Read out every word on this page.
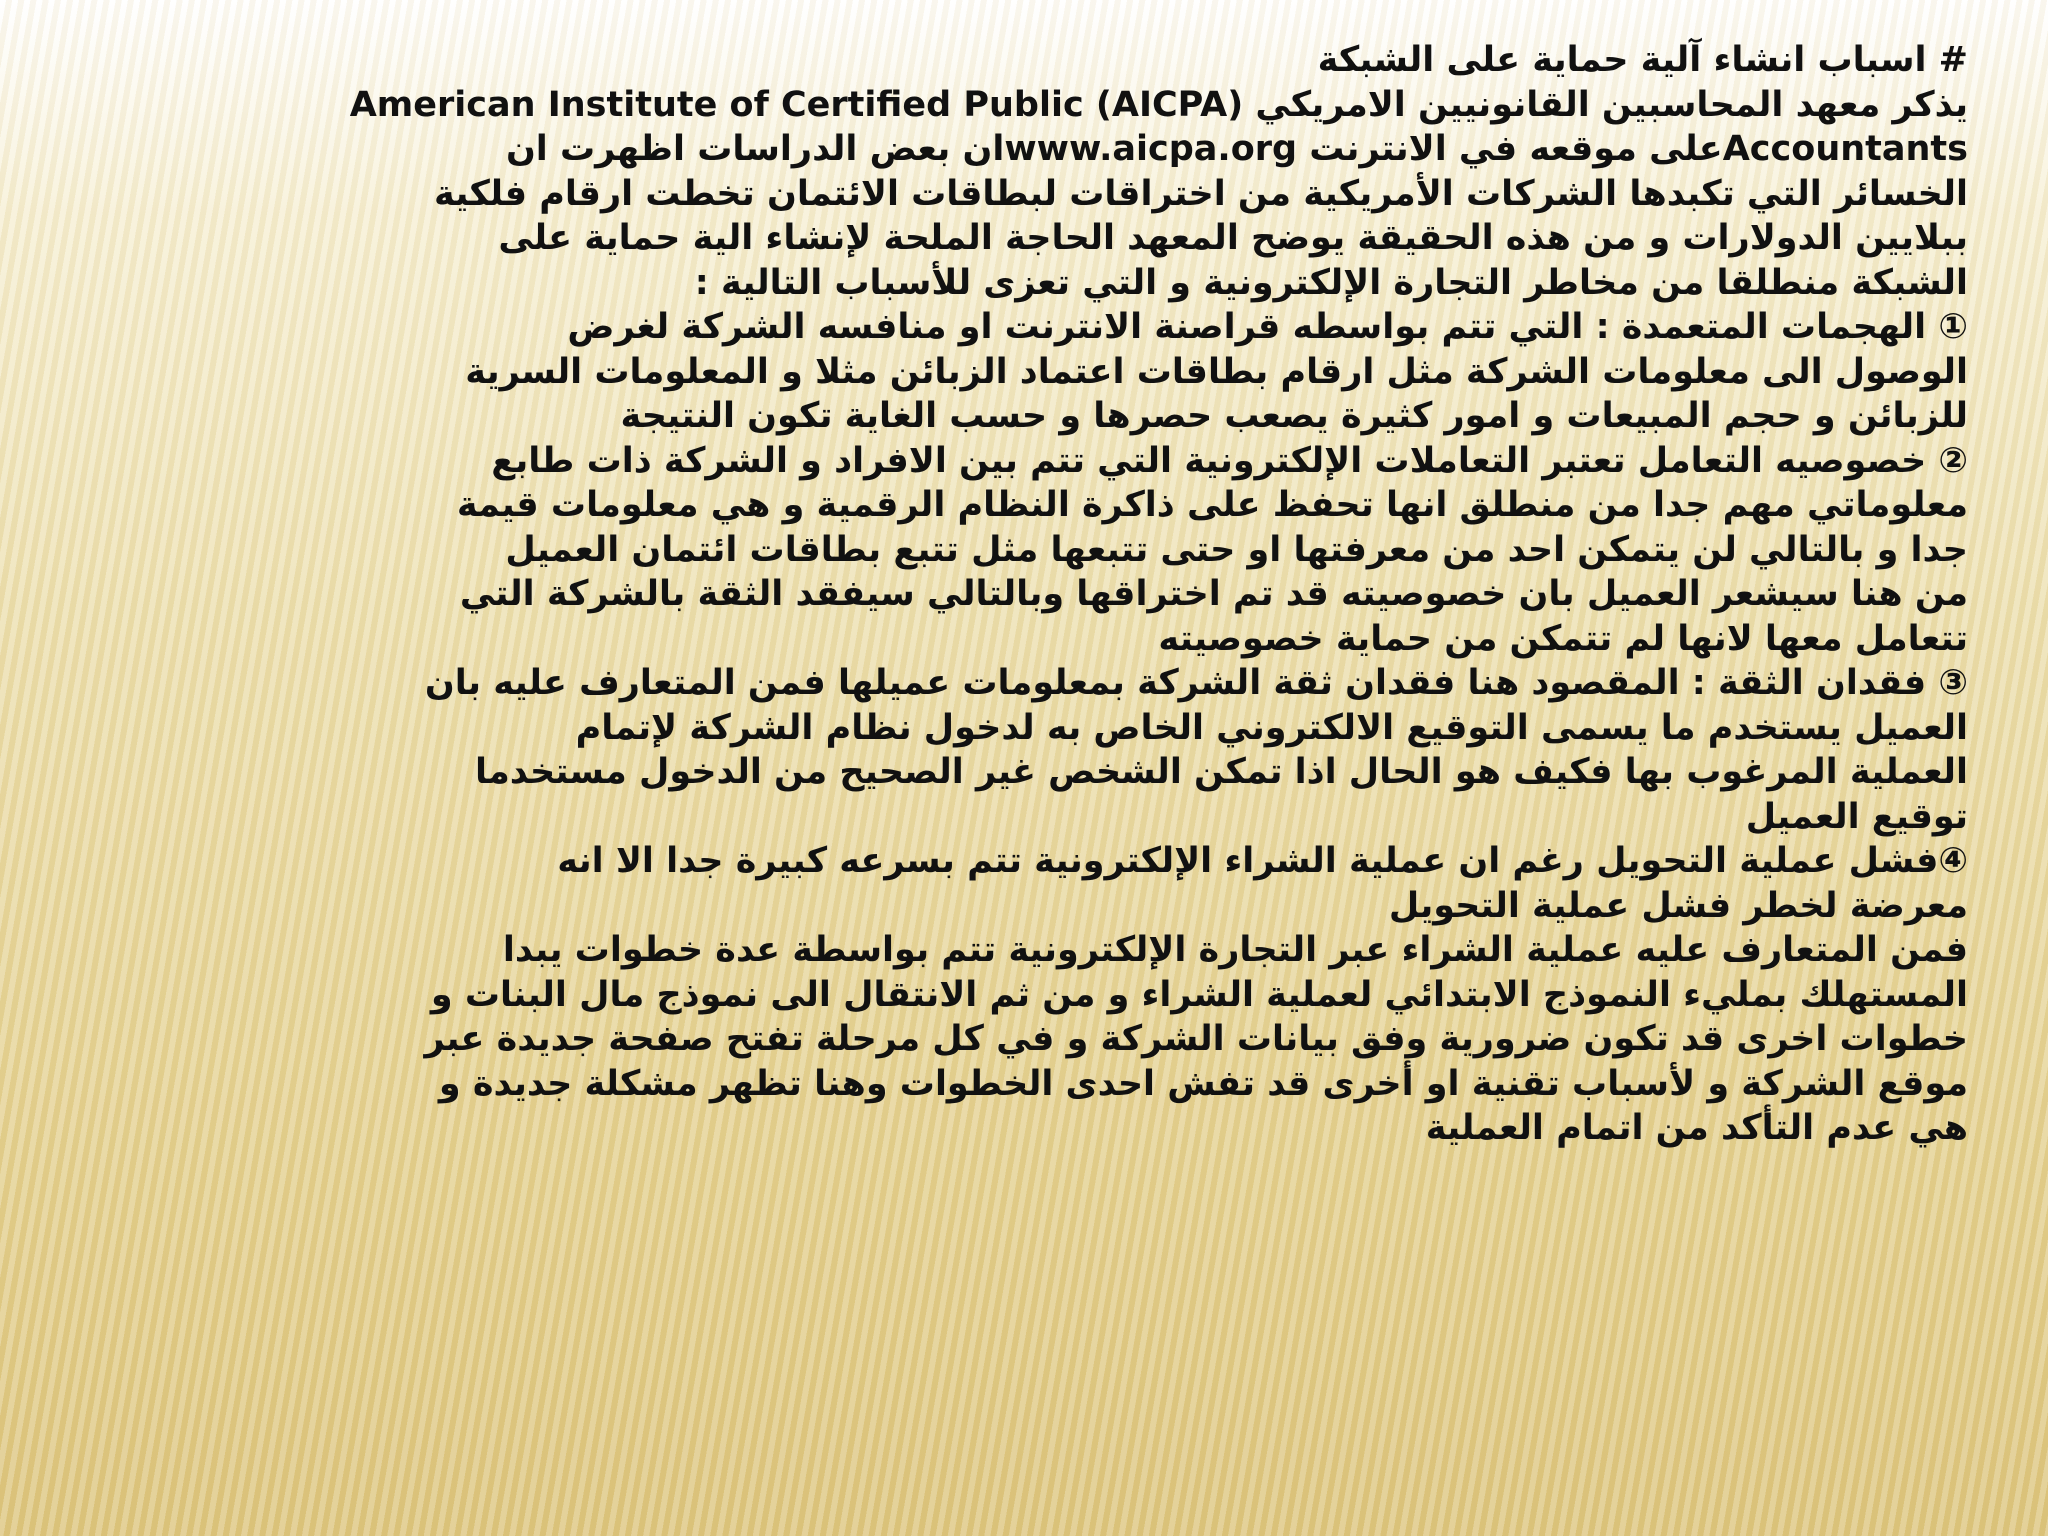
# اسباب انشاء آلية حماية على الشبكة
يذكر معهد المحاسبين القانونيين الامريكي (American Institute of Certified Public (AICPA
Accountantsعلى موقعه في الانترنت www.aicpa.orgان بعض الدراسات اظهرت ان
الخسائر التي تكبدها الشركات الأمريكية من اختراقات لبطاقات الائتمان تخطت ارقام فلكية
ببلايين الدولارات و من هذه الحقيقة يوضح المعهد الحاجة الملحة لإنشاء الية حماية على
الشبكة منطلقا من مخاطر التجارة الإلكترونية و التي تعزى للأسباب التالية :
① الهجمات المتعمدة : التي تتم بواسطه قراصنة الانترنت او منافسه الشركة لغرض
الوصول الى معلومات الشركة مثل ارقام بطاقات اعتماد الزبائن مثلا و المعلومات السرية
للزبائن و حجم المبيعات و امور كثيرة يصعب حصرها و حسب الغاية تكون النتيجة
② خصوصيه التعامل تعتبر التعاملات الإلكترونية التي تتم بين الافراد و الشركة ذات طابع
معلوماتي مهم جدا من منطلق انها تحفظ على ذاكرة النظام الرقمية و هي معلومات قيمة
جدا و بالتالي لن يتمكن احد من معرفتها او حتى تتبعها مثل تتبع بطاقات ائتمان العميل
من هنا سيشعر العميل بان خصوصيته قد تم اختراقها وبالتالي سيفقد الثقة بالشركة التي
تتعامل معها لانها لم تتمكن من حماية خصوصيته
③ فقدان الثقة : المقصود هنا فقدان ثقة الشركة بمعلومات عميلها فمن المتعارف عليه بان
العميل يستخدم ما يسمى التوقيع الالكتروني الخاص به لدخول نظام الشركة لإتمام
العملية المرغوب بها فكيف هو الحال اذا تمكن الشخص غير الصحيح من الدخول مستخدما
توقيع العميل
④فشل عملية التحويل رغم ان عملية الشراء الإلكترونية تتم بسرعه كبيرة جدا الا انه
معرضة لخطر فشل عملية التحويل
فمن المتعارف عليه عملية الشراء عبر التجارة الإلكترونية تتم بواسطة عدة خطوات يبدا
المستهلك بمليء النموذج الابتدائي لعملية الشراء و من ثم الانتقال الى نموذج مال البنات و
خطوات اخرى قد تكون ضرورية وفق بيانات الشركة و في كل مرحلة تفتح صفحة جديدة عبر
موقع الشركة و لأسباب تقنية او أخرى قد تفش احدى الخطوات وهنا تظهر مشكلة جديدة و
هي عدم التأكد من اتمام العملية
